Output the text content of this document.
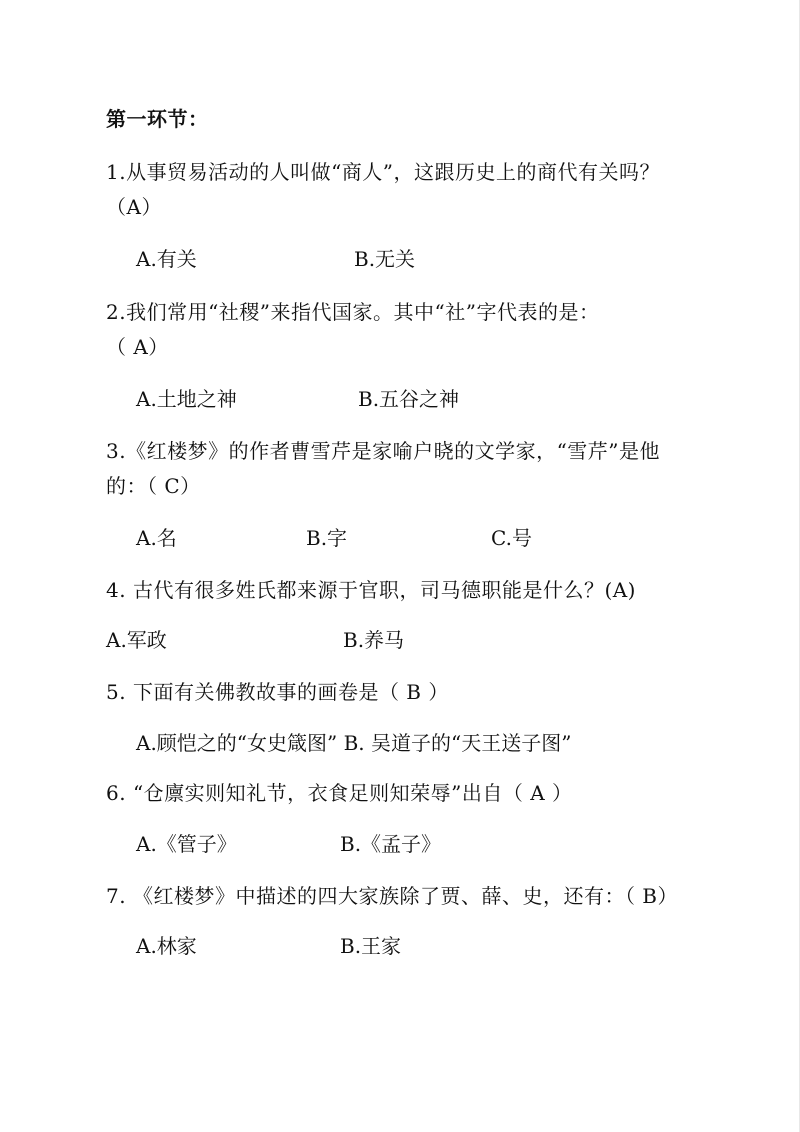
第一环节：
1.从事贸易活动的人叫做“商人”，这跟历史上的商代有关吗？
（A）
A.有关	B.无关
2.我们常用“社稷”来指代国家。其中“社”字代表的是：
（ A）
A.土地之神	B.五谷之神
3.《红楼梦》的作者曹雪芹是家喻户晓的文学家，“雪芹”是他
的：（ C）
A.名	B.字	C.号
4. 古代有很多姓氏都来源于官职，司马德职能是什么？(A)
A.军政	B.养马
5. 下面有关佛教故事的画卷是（ B ）
A.顾恺之的“女史箴图” B. 吴道子的“天王送子图”
6. “仓廪实则知礼节，衣食足则知荣辱”出自（ A ）
A.《管子》	B.《孟子》
7. 《红楼梦》中描述的四大家族除了贾、薛、史，还有：（ B）
A.林家	B.王家
